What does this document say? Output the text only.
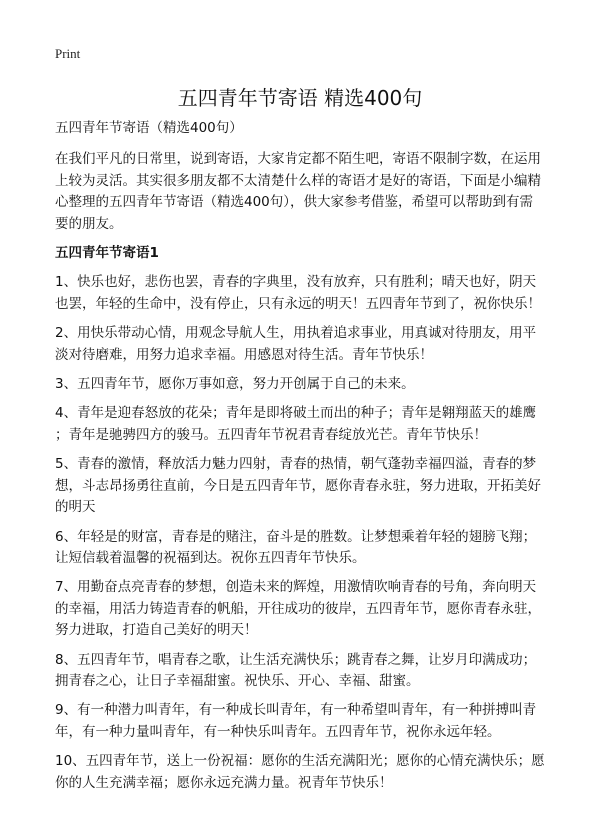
Print
五四青年节寄语 精选400句
五四青年节寄语（精选400句）
在我们平凡的日常里，说到寄语，大家肯定都不陌生吧，寄语不限制字数，在运用
上较为灵活。其实很多朋友都不太清楚什么样的寄语才是好的寄语，下面是小编精
心整理的五四青年节寄语（精选400句），供大家参考借鉴，希望可以帮助到有需
要的朋友。
五四青年节寄语1
1、快乐也好，悲伤也罢，青春的字典里，没有放弃，只有胜利；晴天也好，阴天
也罢，年轻的生命中，没有停止，只有永远的明天！五四青年节到了，祝你快乐！
2、用快乐带动心情，用观念导航人生，用执着追求事业，用真诚对待朋友，用平
淡对待磨难，用努力追求幸福。用感恩对待生活。青年节快乐！
3、五四青年节，愿你万事如意，努力开创属于自己的未来。
4、青年是迎春怒放的花朵；青年是即将破土而出的种子；青年是翱翔蓝天的雄鹰
；青年是驰骋四方的骏马。五四青年节祝君青春绽放光芒。青年节快乐！
5、青春的激情，释放活力魅力四射，青春的热情，朝气蓬勃幸福四溢，青春的梦
想，斗志昂扬勇往直前，今日是五四青年节，愿你青春永驻，努力进取，开拓美好
的明天
6、年轻是的财富，青春是的赌注，奋斗是的胜数。让梦想乘着年轻的翅膀飞翔；
让短信载着温馨的祝福到达。祝你五四青年节快乐。
7、用勤奋点亮青春的梦想，创造未来的辉煌，用激情吹响青春的号角，奔向明天
的幸福，用活力铸造青春的帆船，开往成功的彼岸，五四青年节，愿你青春永驻，
努力进取，打造自己美好的明天！
8、五四青年节，唱青春之歌，让生活充满快乐；跳青春之舞，让岁月印满成功；
拥青春之心，让日子幸福甜蜜。祝快乐、开心、幸福、甜蜜。
9、有一种潜力叫青年，有一种成长叫青年，有一种希望叫青年，有一种拼搏叫青
年，有一种力量叫青年，有一种快乐叫青年。五四青年节，祝你永远年轻。
10、五四青年节，送上一份祝福：愿你的生活充满阳光；愿你的心情充满快乐；愿
你的人生充满幸福；愿你永远充满力量。祝青年节快乐！
